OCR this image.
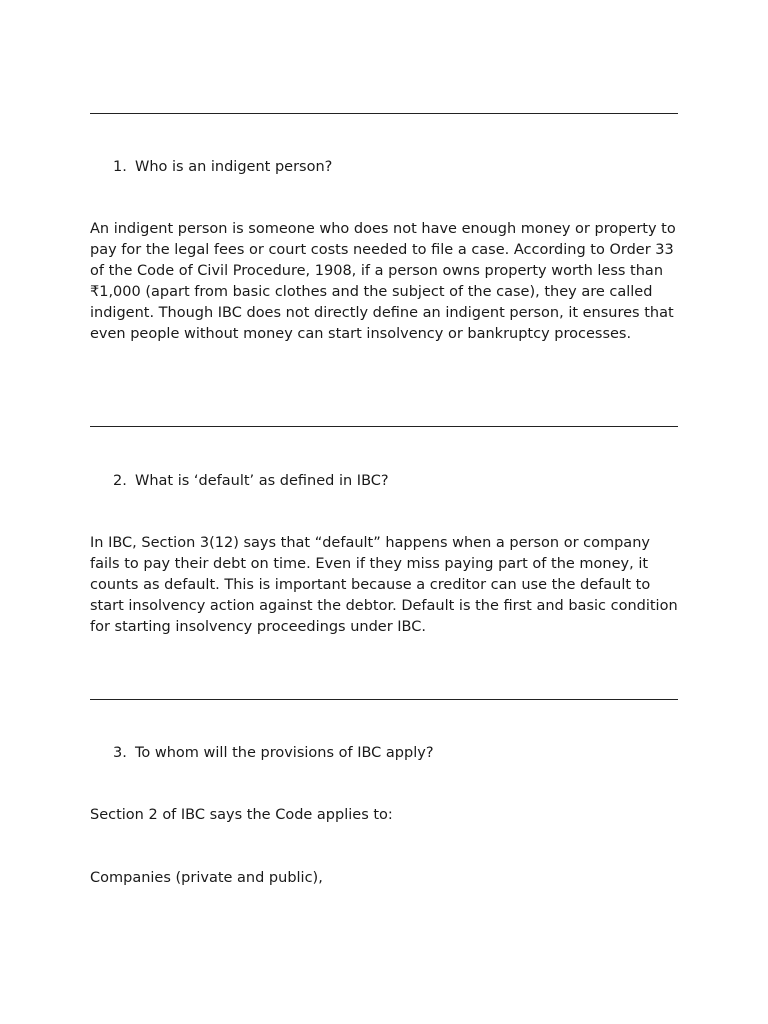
1. Who is an indigent person?
An indigent person is someone who does not have enough money or property to pay for the legal fees or court costs needed to file a case. According to Order 33 of the Code of Civil Procedure, 1908, if a person owns property worth less than ₹1,000 (apart from basic clothes and the subject of the case), they are called indigent. Though IBC does not directly define an indigent person, it ensures that even people without money can start insolvency or bankruptcy processes.
2. What is ‘default’ as defined in IBC?
In IBC, Section 3(12) says that “default” happens when a person or company fails to pay their debt on time. Even if they miss paying part of the money, it counts as default. This is important because a creditor can use the default to start insolvency action against the debtor. Default is the first and basic condition for starting insolvency proceedings under IBC.
3. To whom will the provisions of IBC apply?
Section 2 of IBC says the Code applies to:
Companies (private and public),
